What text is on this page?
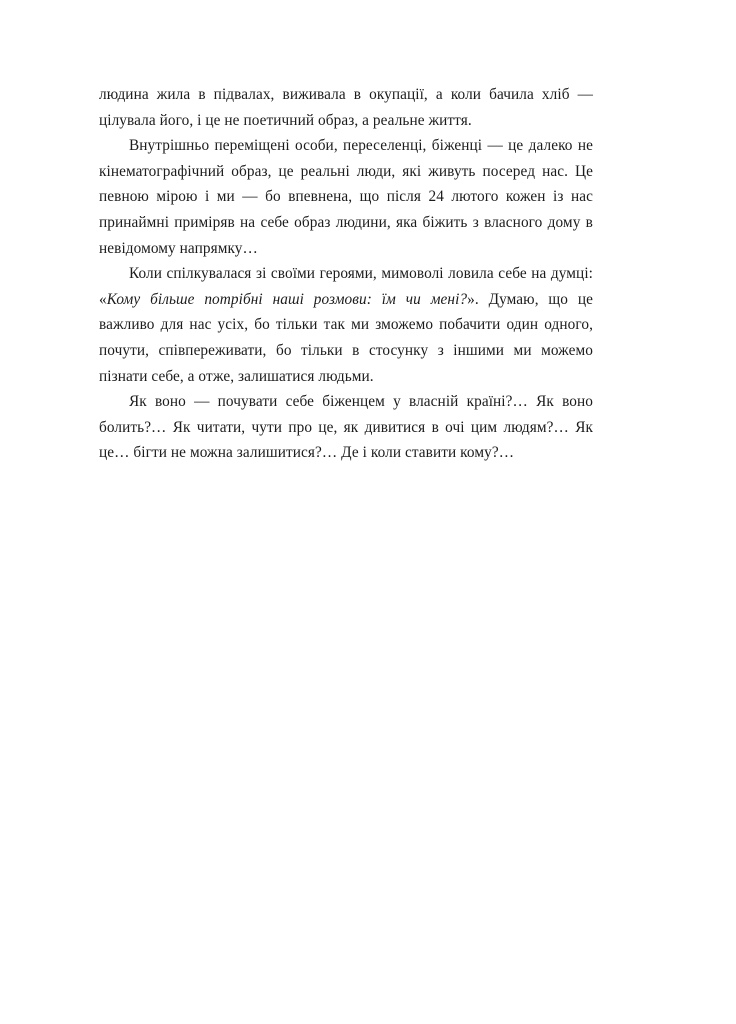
людина жила в підвалах, виживала в окупації, а коли бачила хліб — цілувала його, і це не поетичний образ, а реальне життя.

Внутрішньо переміщені особи, переселенці, біженці — це далеко не кінематографічний образ, це реальні люди, які живуть посеред нас. Це певною мірою і ми — бо впевнена, що після 24 лютого кожен із нас принаймні приміряв на себе образ людини, яка біжить з власного дому в невідомому напрямку…

Коли спілкувалася зі своїми героями, мимоволі ловила себе на думці: «Кому більше потрібні наші розмови: їм чи мені?». Думаю, що це важливо для нас усіх, бо тільки так ми зможемо побачити один одного, почути, співпереживати, бо тільки в стосунку з іншими ми можемо пізнати себе, а отже, залишатися людьми.

Як воно — почувати себе біженцем у власній країні?… Як воно болить?… Як читати, чути про це, як дивитися в очі цим людям?… Як це… бігти не можна залишитися?… Де і коли ставити кому?…
